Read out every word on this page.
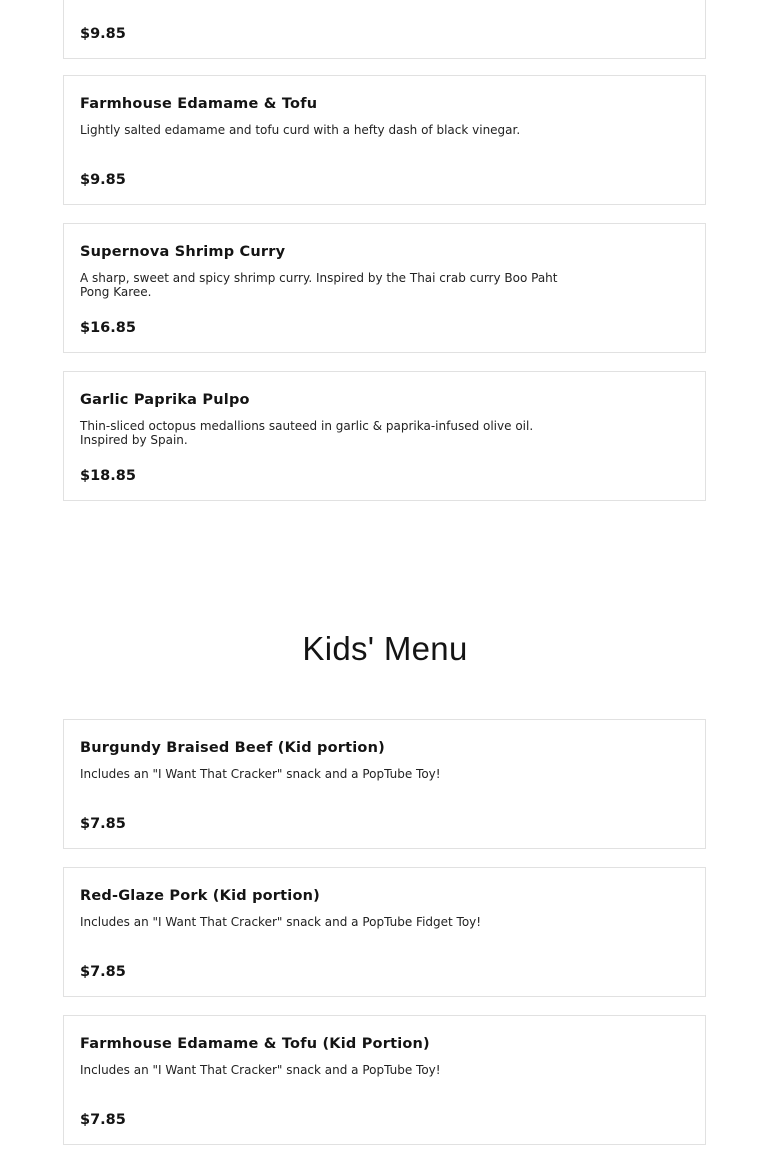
$9.85
Farmhouse Edamame & Tofu
Lightly salted edamame and tofu curd with a hefty dash of black vinegar.
$9.85
Supernova Shrimp Curry
A sharp, sweet and spicy shrimp curry. Inspired by the Thai crab curry Boo Paht Pong Karee.
$16.85
Garlic Paprika Pulpo
Thin-sliced octopus medallions sauteed in garlic & paprika-infused olive oil. Inspired by Spain.
$18.85
Kids' Menu
Burgundy Braised Beef (Kid portion)
Includes an "I Want That Cracker" snack and a PopTube Toy!
$7.85
Red-Glaze Pork (Kid portion)
Includes an "I Want That Cracker" snack and a PopTube Fidget Toy!
$7.85
Farmhouse Edamame & Tofu (Kid Portion)
Includes an "I Want That Cracker" snack and a PopTube Toy!
$7.85
